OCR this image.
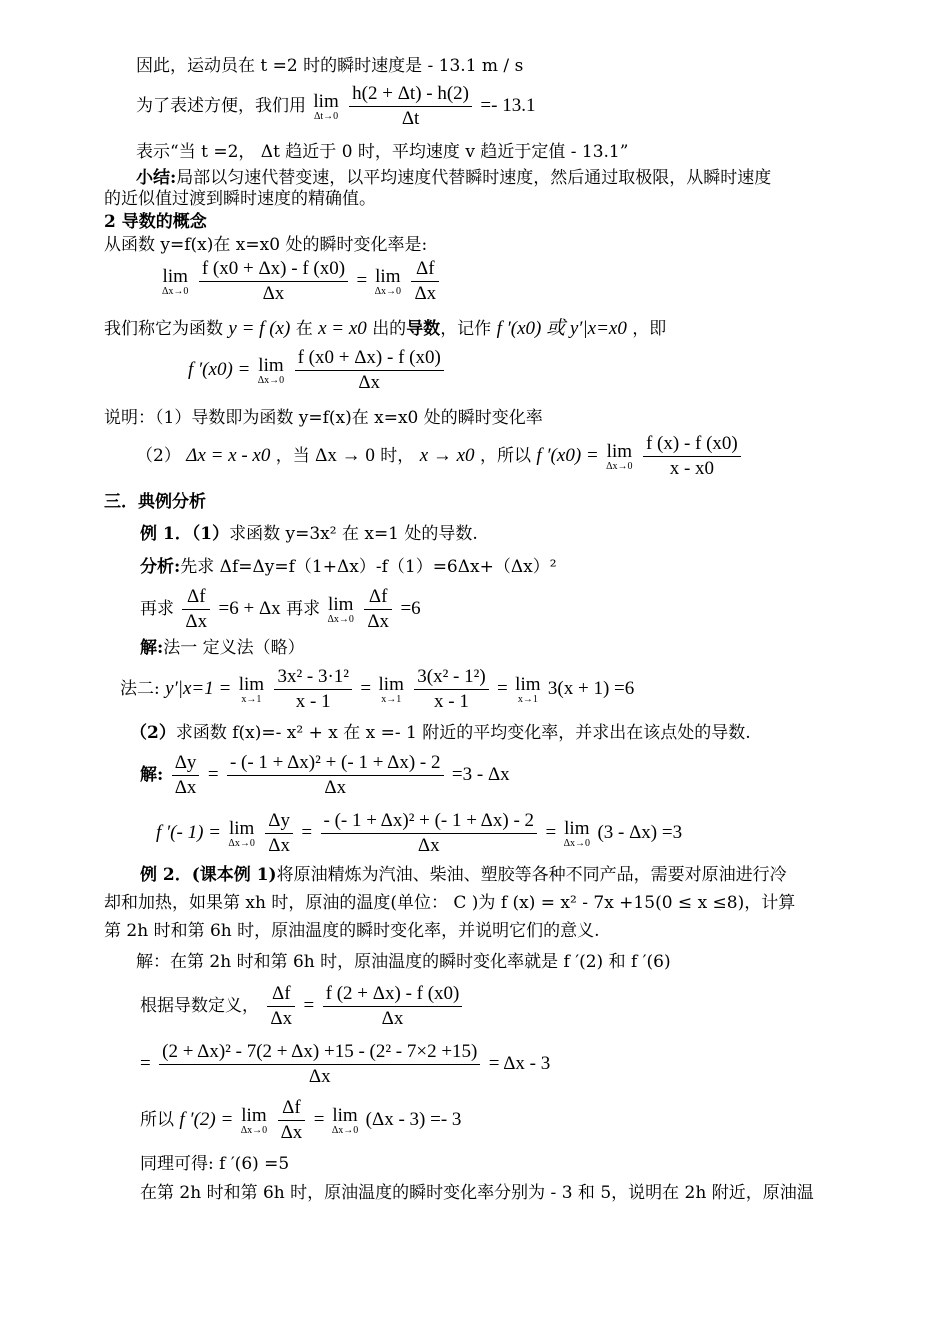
因此，运动员在 t =2 时的瞬时速度是 - 13.1 m / s
为了表述方便，我们用 lim
Δt→0
$\frac{h(2 + \Delta t) - h(2)}{\Delta t} =- 13.1$
表示“当 t =2， Δt 趋近于 0 时，平均速度 v 趋近于定值 - 13.1”
小结:局部以匀速代替变速，以平均速度代替瞬时速度，然后通过取极限，从瞬时速度
的近似值过渡到瞬时速度的精确值。
2 导数的概念
从函数 y=f(x)在 x=x0 处的瞬时变化率是:
lim
Δx→0
$\frac{f (x0 + \Delta x) - f (x0)}{\Delta x} = \lim$
Δx→0
$\frac{\Delta f}{\Delta x}$
我们称它为函数 y = f (x) 在 x = x0 出的导数，记作 f ′(x0) 或 y′|x=x0 ，即
f ′(x0) = lim
Δx→0
$\frac{f (x0 + \Delta x) - f (x0)}{\Delta x}$
说明：（1）导数即为函数 y=f(x)在 x=x0 处的瞬时变化率
（2） Δx = x - x0 ，当 Δx → 0 时， x → x0 ，所以 f ′(x0) = lim
Δx→0
$\frac{f (x) - f (x0)}{x - x0}$
三．典例分析
例 1．（1）求函数 y=3x² 在 x=1 处的导数.
分析:先求 Δf=Δy=f（1+Δx）-f（1）=6Δx+（Δx）²
再求 $\frac{\Delta f}{\Delta x} =6 + \Delta x$ 再求 lim
Δx→0
$\frac{\Delta f}{\Delta x} =6$
解:法一 定义法（略）
法二: y′|x=1 = lim
x→1
$\frac{\text{3x² - 3·1²}}{x - 1} = \lim$
x→1
$\frac{\text{3(x² - 1²)}}{x - 1} = \lim$
x→1 3(x + 1) =6
（2）求函数 f(x)=- x² + x 在 x =- 1 附近的平均变化率，并求出在该点处的导数.
解: $\frac{\Delta y}{\Delta x} = \frac{\text{- (- 1 + Δx)² + (- 1 + Δx) - 2}}{\Delta x} =3 - \Delta x$
f ′(- 1) = lim
Δx→0
$\frac{\Delta y}{\Delta x} = \frac{\text{- (- 1 + Δx)² + (- 1 + Δx) - 2}}{\Delta x} = \lim$
Δx→0 (3 - Δx) =3
例 2．(课本例 1)将原油精炼为汽油、柴油、塑胶等各种不同产品，需要对原油进行冷
却和加热，如果第 xh 时，原油的温度(单位： C )为 f (x) = x² - 7x +15(0 ≤ x ≤8)，计算
第 2h 时和第 6h 时，原油温度的瞬时变化率，并说明它们的意义.
解：在第 2h 时和第 6h 时，原油温度的瞬时变化率就是 f ′(2) 和 f ′(6)
根据导数定义， $\frac{\Delta f}{\Delta x} = \frac{f (2 + \Delta x) - f (x0)}{\Delta x}$
= $\frac{\text{(2 + Δx)² - 7(2 + Δx) +15 - (2² - 7×2 +15)}}{\Delta x} = \Delta x - 3$
所以 f ′(2) = lim
Δx→0
$\frac{\Delta f}{\Delta x} = \lim$
Δx→0 (Δx - 3) =- 3
同理可得: f ′(6) =5
在第 2h 时和第 6h 时，原油温度的瞬时变化率分别为 - 3 和 5，说明在 2h 附近，原油温
